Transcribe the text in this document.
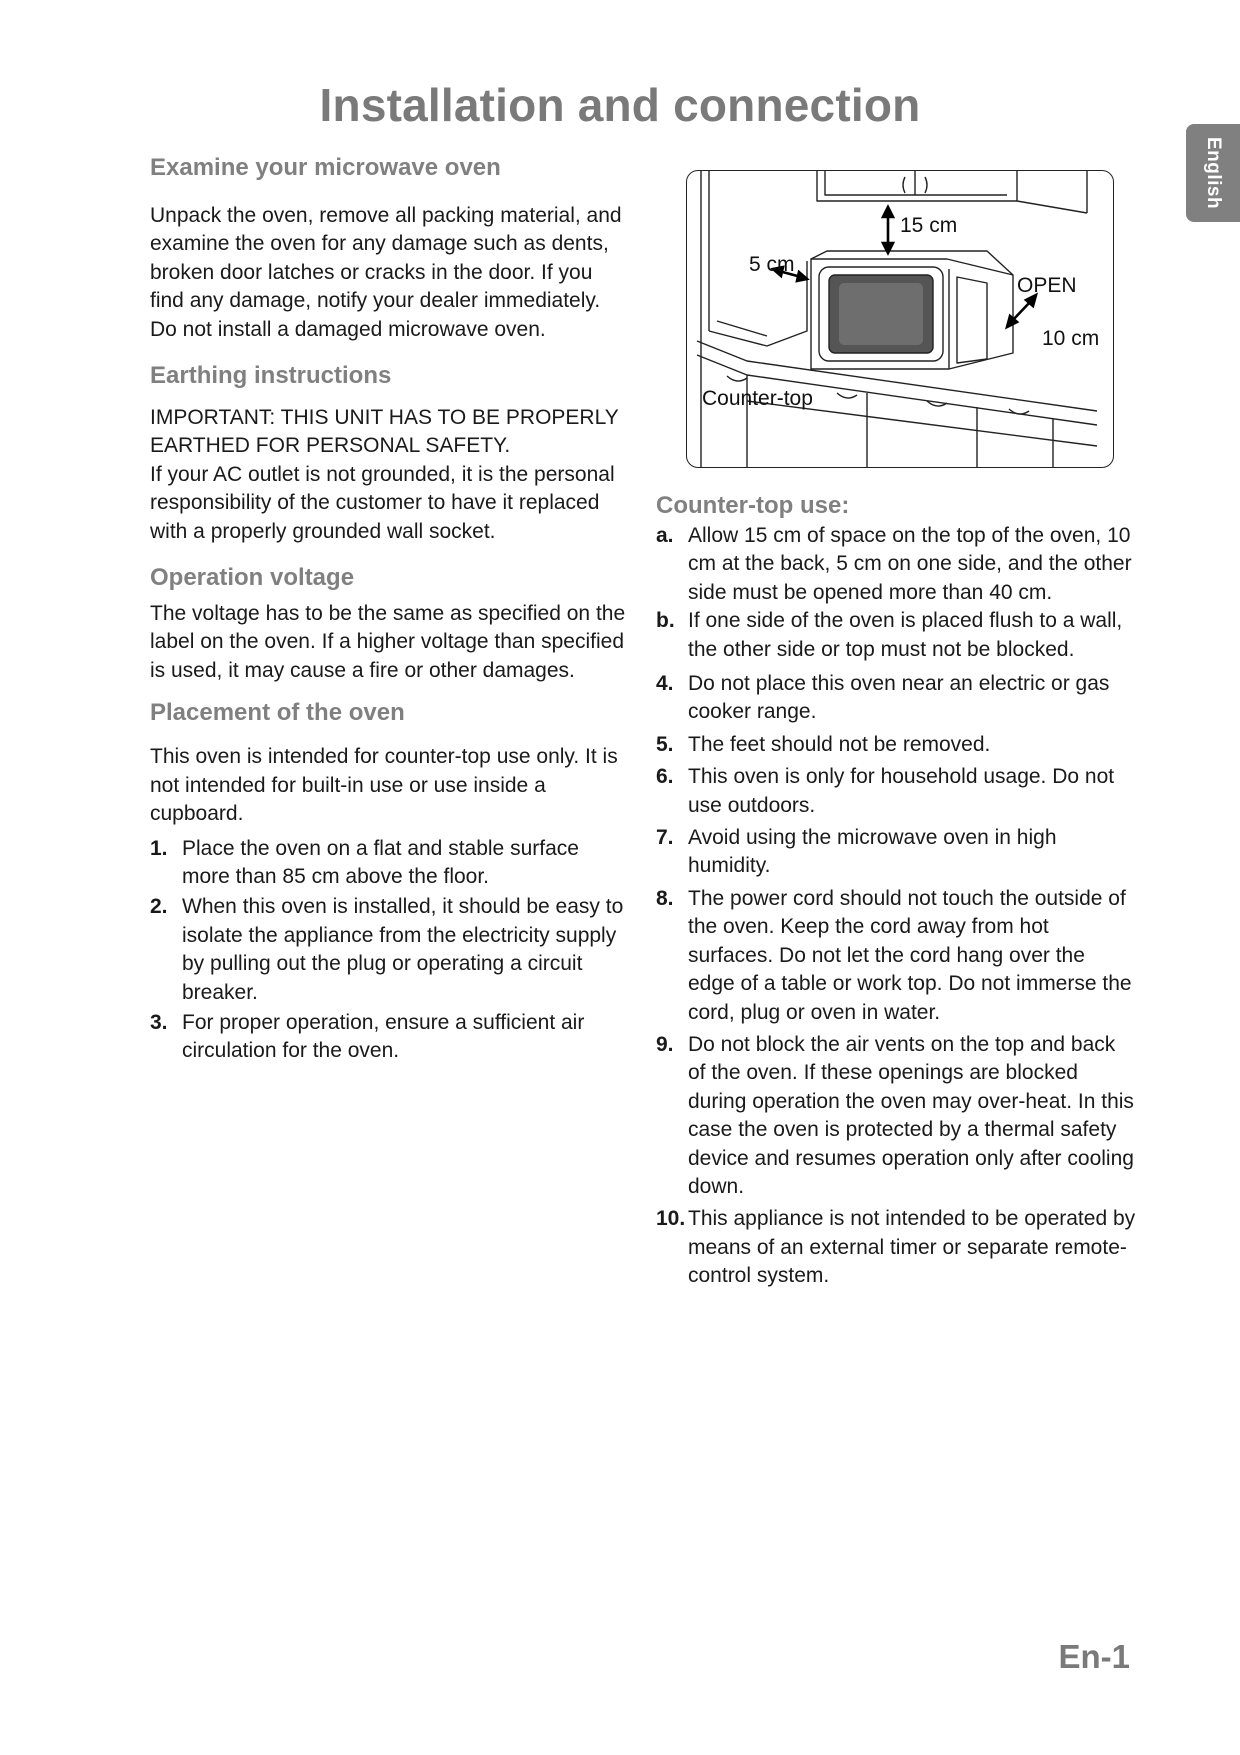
Installation and connection
English
Examine your microwave oven

Unpack the oven, remove all packing material, and examine the oven for any damage such as dents, broken door latches or cracks in the door. If you find any damage, notify your dealer immediately. Do not install a damaged microwave oven.

Earthing instructions

IMPORTANT: THIS UNIT HAS TO BE PROPERLY EARTHED FOR PERSONAL SAFETY.

If your AC outlet is not grounded, it is the personal responsibility of the customer to have it replaced with a properly grounded wall socket.

Operation voltage

The voltage has to be the same as specified on the label on the oven. If a higher voltage than specified is used, it may cause a fire or other damages.

Placement of the oven

This oven is intended for counter-top use only. It is not intended for built-in use or use inside a cupboard.

1. Place the oven on a flat and stable surface more than 85 cm above the floor.
2. When this oven is installed, it should be easy to isolate the appliance from the electricity supply by pulling out the plug or operating a circuit breaker.
3. For proper operation, ensure a sufficient air circulation for the oven.
15 cm
5 cm
OPEN
10 cm
Counter-top
Counter-top use:
a. Allow 15 cm of space on the top of the oven, 10 cm at the back, 5 cm on one side, and the other side must be opened more than 40 cm.
b. If one side of the oven is placed flush to a wall, the other side or top must not be blocked.
4. Do not place this oven near an electric or gas cooker range.
5. The feet should not be removed.
6. This oven is only for household usage. Do not use outdoors.
7. Avoid using the microwave oven in high humidity.
8. The power cord should not touch the outside of the oven. Keep the cord away from hot surfaces. Do not let the cord hang over the edge of a table or work top. Do not immerse the cord, plug or oven in water.
9. Do not block the air vents on the top and back of the oven. If these openings are blocked during operation the oven may over-heat. In this case the oven is protected by a thermal safety device and resumes operation only after cooling down.
10. This appliance is not intended to be operated by means of an external timer or separate remote-control system.
En-1
